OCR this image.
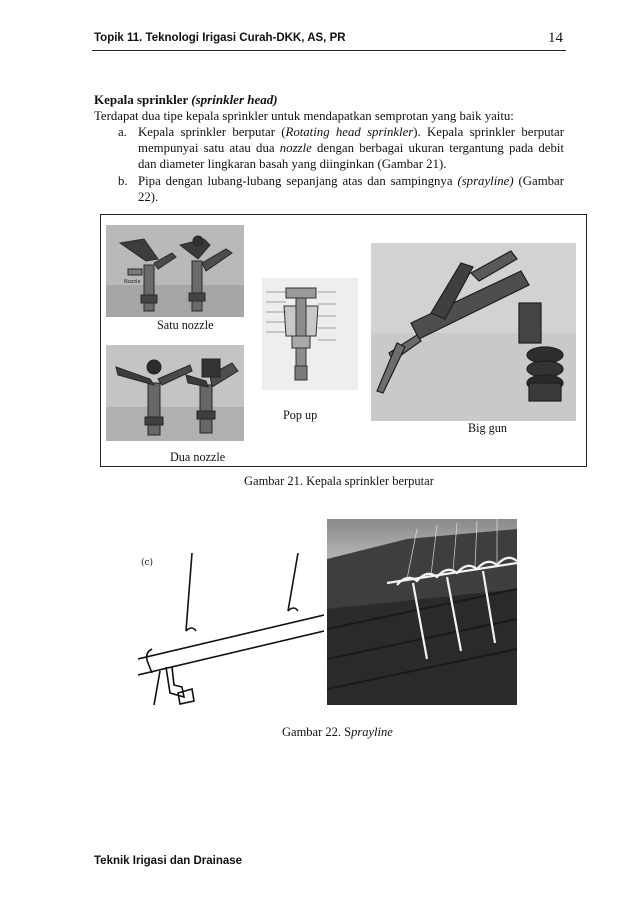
Topik 11. Teknologi Irigasi Curah-DKK, AS, PR	14
Kepala sprinkler (sprinkler head)
Terdapat dua tipe kepala sprinkler untuk mendapatkan semprotan yang baik yaitu:
a. Kepala sprinkler berputar (Rotating head sprinkler). Kepala sprinkler berputar mempunyai satu atau dua nozzle dengan berbagai ukuran tergantung pada debit dan diameter lingkaran basah yang diinginkan (Gambar 21).
b. Pipa dengan lubang-lubang sepanjang atas dan sampingnya (sprayline) (Gambar 22).
Nozzle
Satu nozzle
Dua nozzle
Pop up
Big gun
Gambar 21. Kepala sprinkler berputar
(c)
Gambar 22. Sprayline
Teknik Irigasi dan Drainase
